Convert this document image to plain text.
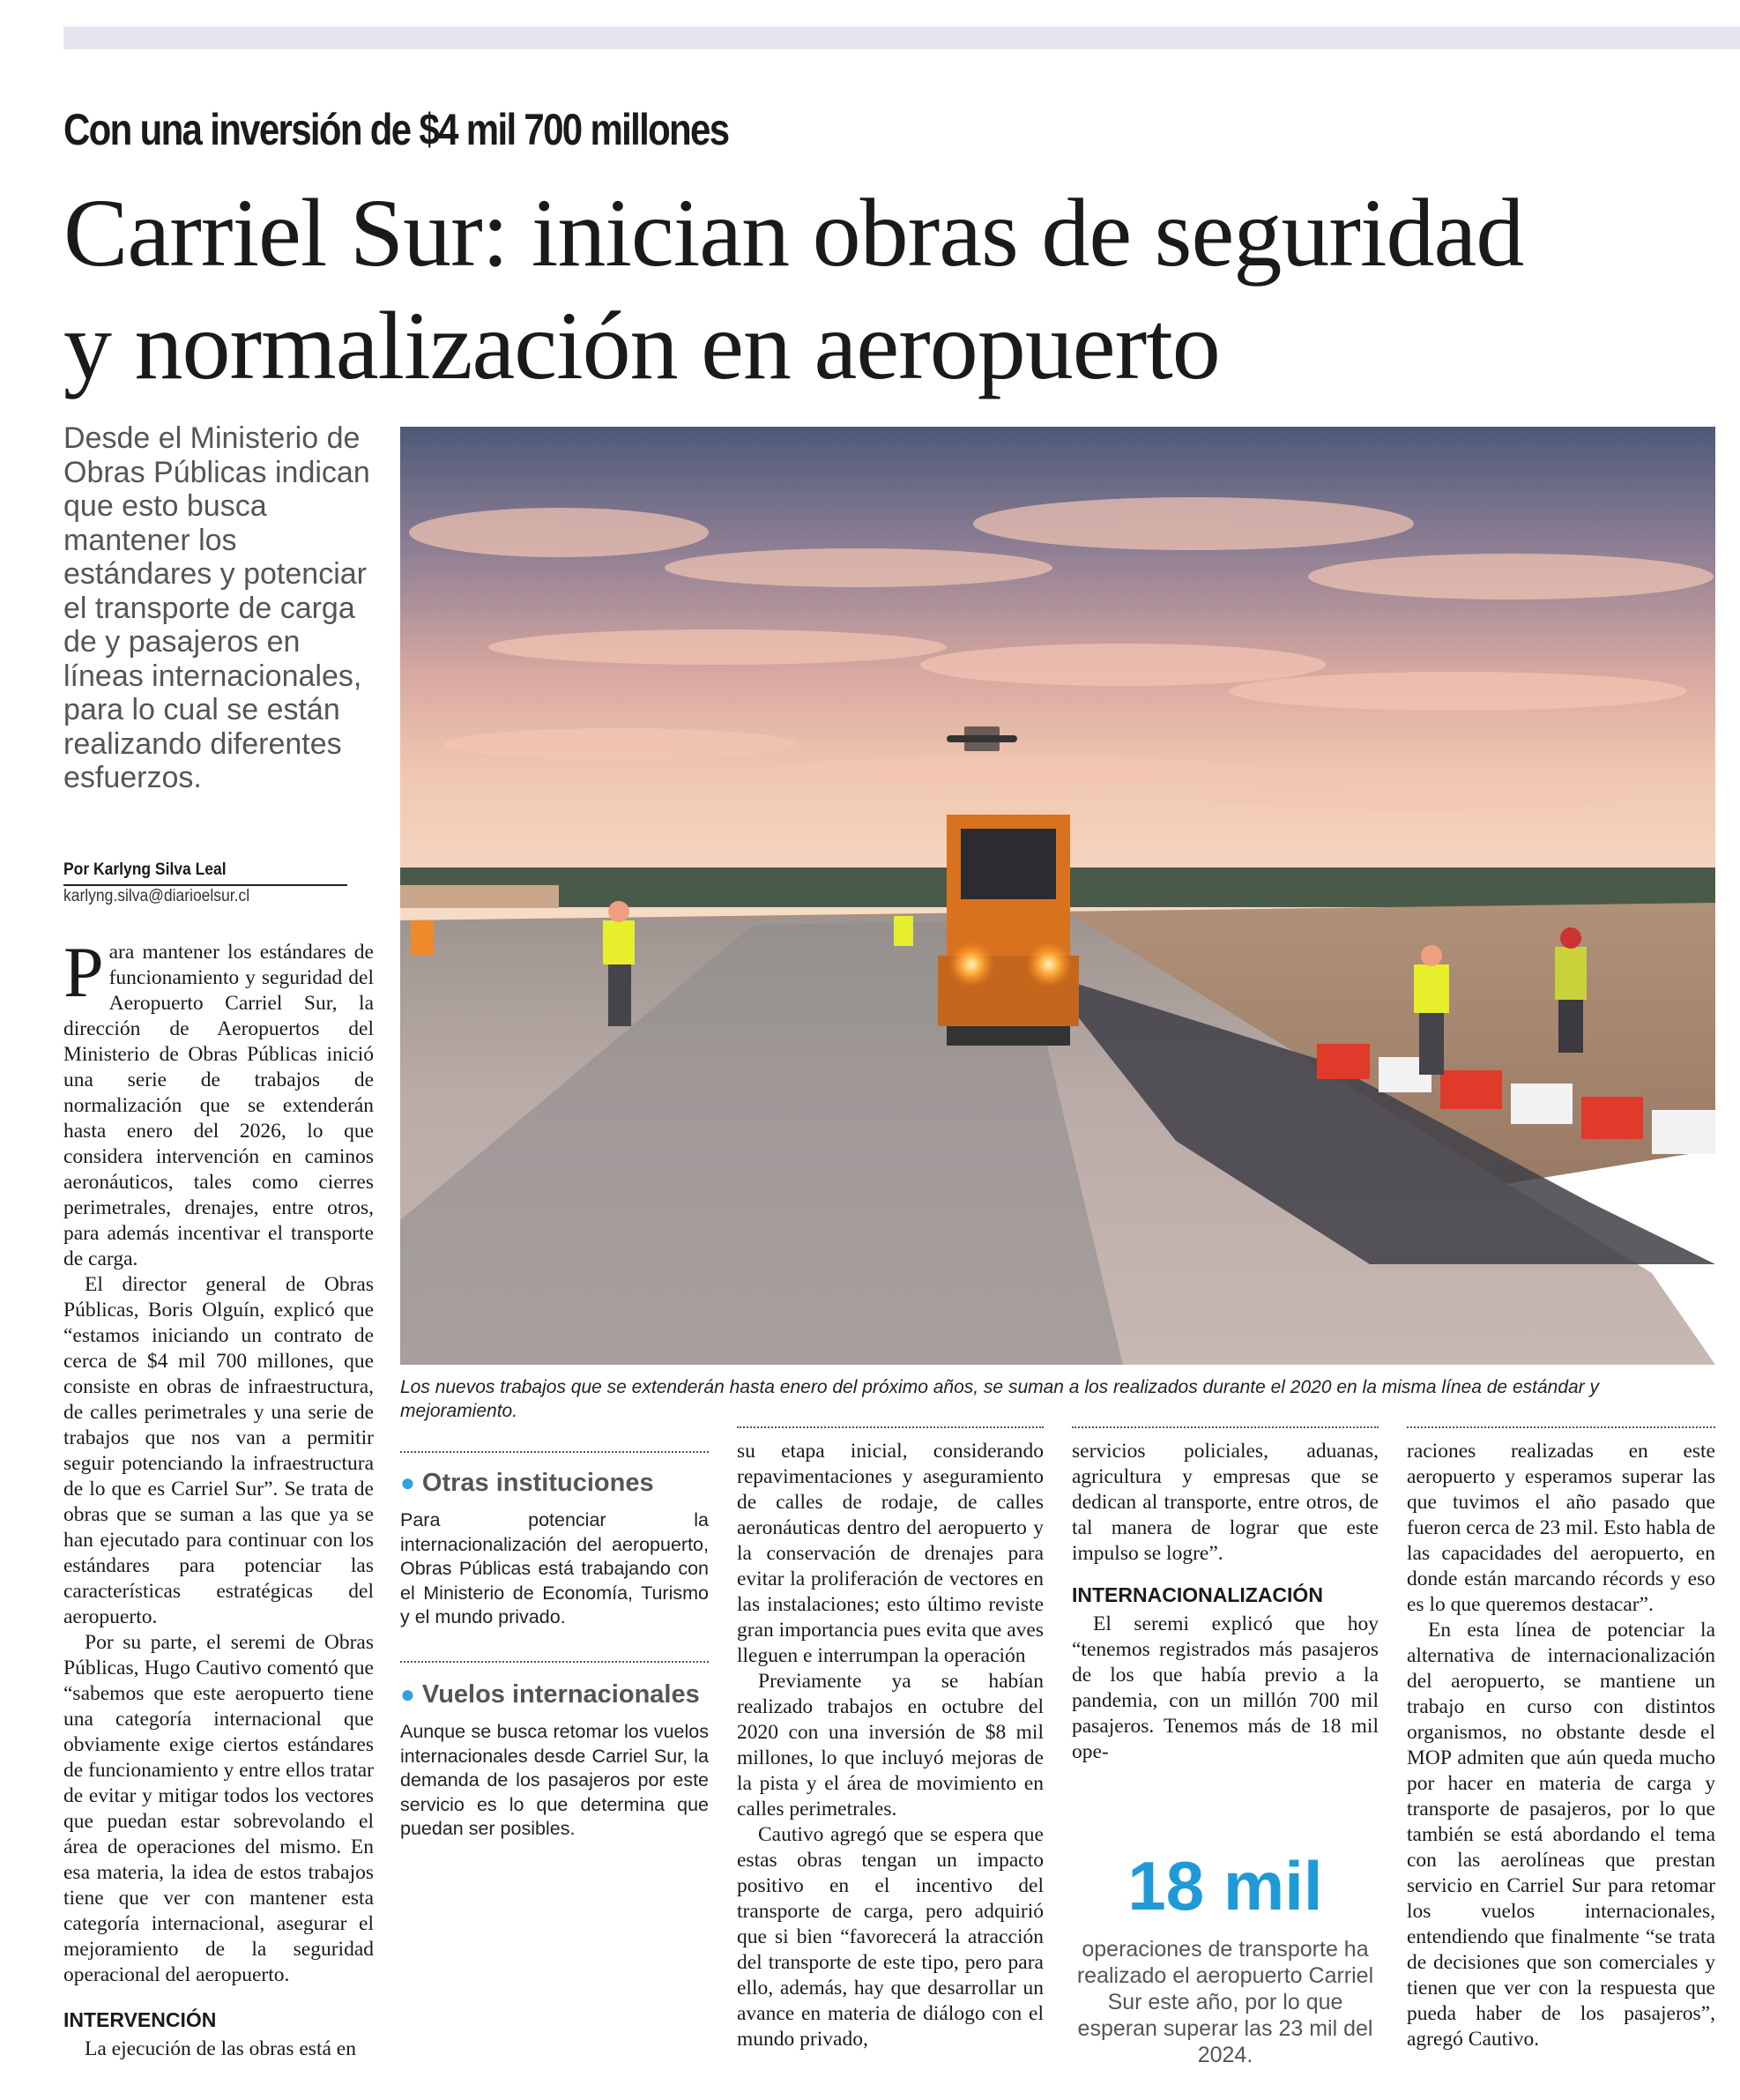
Con una inversión de $4 mil 700 millones
Carriel Sur: inician obras de seguridad
y normalización en aeropuerto
Desde el Ministerio de Obras Públicas indican que esto busca mantener los estándares y potenciar el transporte de carga de y pasajeros en líneas internacionales, para lo cual se están realizando diferentes esfuerzos.
Por Karlyng Silva Leal
karlyng.silva@diarioelsur.cl
Los nuevos trabajos que se extenderán hasta enero del próximo años, se suman a los realizados durante el 2020 en la misma línea de estándar y mejoramiento.

Para mantener los estándares de funcionamiento y seguridad del Aeropuerto Carriel Sur, la dirección de Aeropuertos del Ministerio de Obras Públicas inició una serie de trabajos de normalización que se extenderán hasta enero del 2026, lo que considera intervención en caminos aeronáuticos, tales como cierres perimetrales, drenajes, entre otros, para además incentivar el transporte de carga.

El director general de Obras Públicas, Boris Olguín, explicó que “estamos iniciando un contrato de cerca de $4 mil 700 millones, que consiste en obras de infraestructura, de calles perimetrales y una serie de trabajos que nos van a permitir seguir potenciando la infraestructura de lo que es Carriel Sur”. Se trata de obras que se suman a las que ya se han ejecutado para continuar con los estándares para potenciar las características estratégicas del aeropuerto.

Por su parte, el seremi de Obras Públicas, Hugo Cautivo comentó que “sabemos que este aeropuerto tiene una categoría internacional que obviamente exige ciertos estándares de funcionamiento y entre ellos tratar de evitar y mitigar todos los vectores que puedan estar sobrevolando el área de operaciones del mismo. En esa materia, la idea de estos trabajos tiene que ver con mantener esta categoría internacional, asegurar el mejoramiento de la seguridad operacional del aeropuerto.

INTERVENCIÓN

La ejecución de las obras está en

● Otras instituciones
Para potenciar la internacionalización del aeropuerto, Obras Públicas está trabajando con el Ministerio de Economía, Turismo y el mundo privado.
● Vuelos internacionales
Aunque se busca retomar los vuelos internacionales desde Carriel Sur, la demanda de los pasajeros por este servicio es lo que determina que puedan ser posibles.

su etapa inicial, considerando repavimentaciones y aseguramiento de calles de rodaje, de calles aeronáuticas dentro del aeropuerto y la conservación de drenajes para evitar la proliferación de vectores en las instalaciones; esto último reviste gran importancia pues evita que aves lleguen e interrumpan la operación

Previamente ya se habían realizado trabajos en octubre del 2020 con una inversión de $8 mil millones, lo que incluyó mejoras de la pista y el área de movimiento en calles perimetrales.

Cautivo agregó que se espera que estas obras tengan un impacto positivo en el incentivo del transporte de carga, pero adquirió que si bien “favorecerá la atracción del transporte de este tipo, pero para ello, además, hay que desarrollar un avance en materia de diálogo con el mundo privado,

servicios policiales, aduanas, agricultura y empresas que se dedican al transporte, entre otros, de tal manera de lograr que este impulso se logre”.

INTERNACIONALIZACIÓN

El seremi explicó que hoy “tenemos registrados más pasajeros de los que había previo a la pandemia, con un millón 700 mil pasajeros. Tenemos más de 18 mil ope-

18 mil
operaciones de transporte ha realizado el aeropuerto Carriel Sur este año, por lo que esperan superar las 23 mil del 2024.

raciones realizadas en este aeropuerto y esperamos superar las que tuvimos el año pasado que fueron cerca de 23 mil. Esto habla de las capacidades del aeropuerto, en donde están marcando récords y eso es lo que queremos destacar”.

En esta línea de potenciar la alternativa de internacionalización del aeropuerto, se mantiene un trabajo en curso con distintos organismos, no obstante desde el MOP admiten que aún queda mucho por hacer en materia de carga y transporte de pasajeros, por lo que también se está abordando el tema con las aerolíneas que prestan servicio en Carriel Sur para retomar los vuelos internacionales, entendiendo que finalmente “se trata de decisiones que son comerciales y tienen que ver con la respuesta que pueda haber de los pasajeros”, agregó Cautivo.
